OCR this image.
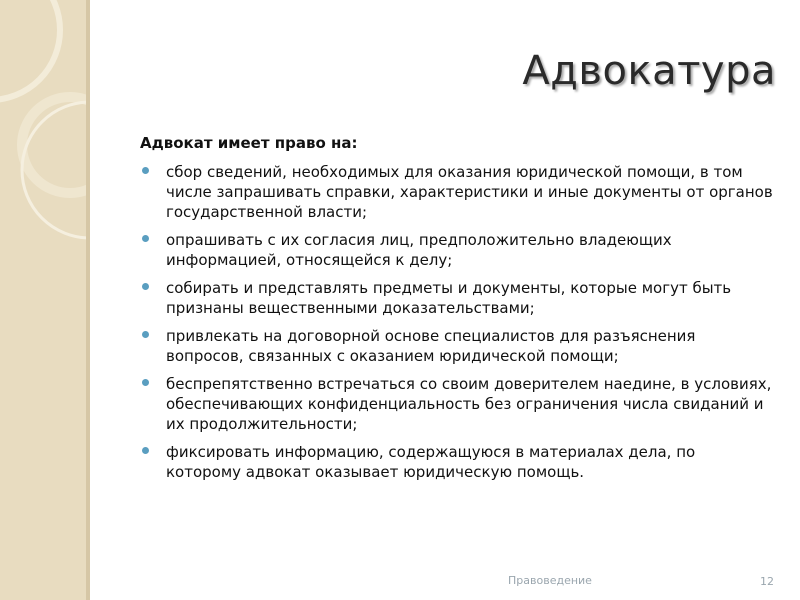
Адвокатура
Адвокат имеет право на:
сбор сведений, необходимых для оказания юридической помощи, в том числе запрашивать справки, характеристики и иные документы от органов государственной власти;
опрашивать с их согласия лиц, предположительно владеющих информацией, относящейся к делу;
собирать и представлять предметы и документы, которые могут быть признаны вещественными доказательствами;
привлекать на договорной основе специалистов для разъяснения вопросов, связанных с оказанием юридической помощи;
беспрепятственно встречаться со своим доверителем наедине, в условиях, обеспечивающих конфиденциальность без ограничения числа свиданий и их продолжительности;
фиксировать информацию, содержащуюся в материалах дела, по которому адвокат оказывает юридическую помощь.
Правоведение	12
